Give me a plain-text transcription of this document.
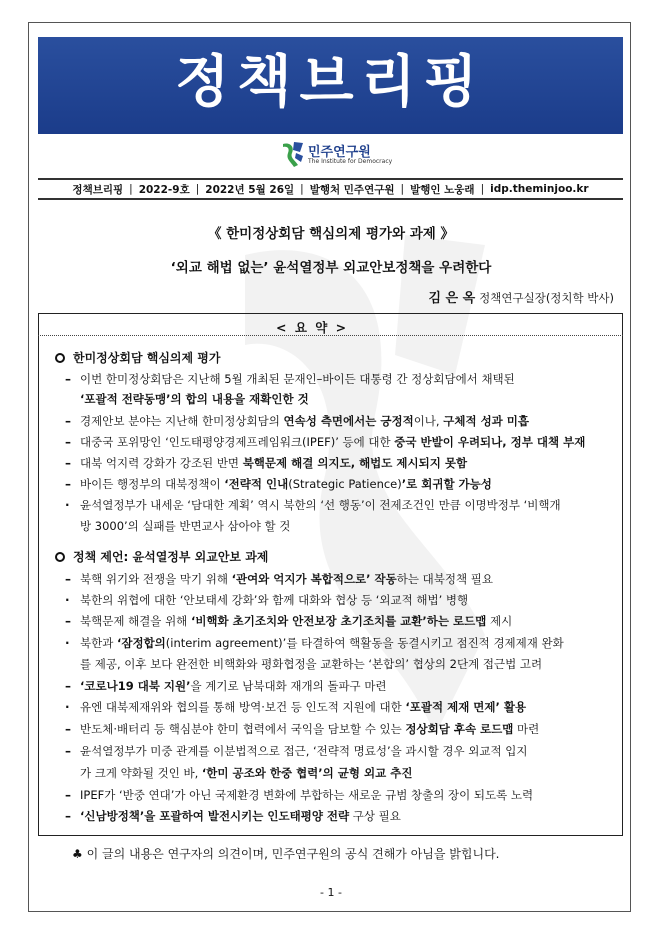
정책브리핑
민주연구원
The Institute for Democracy
정책브리핑 | 2022-9호 | 2022년 5월 26일 | 발행처 민주연구원 | 발행인 노웅래 | idp.theminjoo.kr
《 한미정상회담 핵심의제 평가와 과제 》
‘외교 해법 없는’ 윤석열정부 외교안보정책을 우려한다
김 은 옥 정책연구실장(정치학 박사)
< 요 약 >
한미정상회담 핵심의제 평가
– 이번 한미정상회담은 지난해 5월 개최된 문재인–바이든 대통령 간 정상회담에서 채택된
‘포괄적 전략동맹’의 합의 내용을 재확인한 것
– 경제안보 분야는 지난해 한미정상회담의 연속성 측면에서는 긍정적이나, 구체적 성과 미흡
– 대중국 포위망인 ‘인도태평양경제프레임워크(IPEF)’ 등에 대한 중국 반발이 우려되나, 정부 대책 부재
– 대북 억지력 강화가 강조된 반면 북핵문제 해결 의지도, 해법도 제시되지 못함
– 바이든 행정부의 대북정책이 ‘전략적 인내(Strategic Patience)’로 회귀할 가능성
· 윤석열정부가 내세운 ‘담대한 계획’ 역시 북한의 ‘선 행동’이 전제조건인 만큼 이명박정부 ‘비핵개
방 3000’의 실패를 반면교사 삼아야 할 것
정책 제언: 윤석열정부 외교안보 과제
– 북핵 위기와 전쟁을 막기 위해 ‘관여와 억지가 복합적으로’ 작동하는 대북정책 필요
· 북한의 위협에 대한 ‘안보태세 강화’와 함께 대화와 협상 등 ‘외교적 해법’ 병행
– 북핵문제 해결을 위해 ‘비핵화 초기조치와 안전보장 초기조치를 교환’하는 로드맵 제시
· 북한과 ‘잠정합의(interim agreement)’를 타결하여 핵활동을 동결시키고 점진적 경제제재 완화
를 제공, 이후 보다 완전한 비핵화와 평화협정을 교환하는 ‘본합의’ 협상의 2단계 접근법 고려
– ‘코로나19 대북 지원’을 계기로 남북대화 재개의 돌파구 마련
· 유엔 대북제재위와 협의를 통해 방역·보건 등 인도적 지원에 대한 ‘포괄적 제재 면제’ 활용
– 반도체·배터리 등 핵심분야 한미 협력에서 국익을 담보할 수 있는 정상회담 후속 로드맵 마련
– 윤석열정부가 미중 관계를 이분법적으로 접근, ‘전략적 명료성’을 과시할 경우 외교적 입지
가 크게 약화될 것인 바, ‘한미 공조와 한중 협력’의 균형 외교 추진
– IPEF가 ‘반중 연대’가 아닌 국제환경 변화에 부합하는 새로운 규범 창출의 장이 되도록 노력
– ‘신남방정책’을 포괄하여 발전시키는 인도태평양 전략 구상 필요
♣ 이 글의 내용은 연구자의 의견이며, 민주연구원의 공식 견해가 아님을 밝힙니다.
- 1 -
